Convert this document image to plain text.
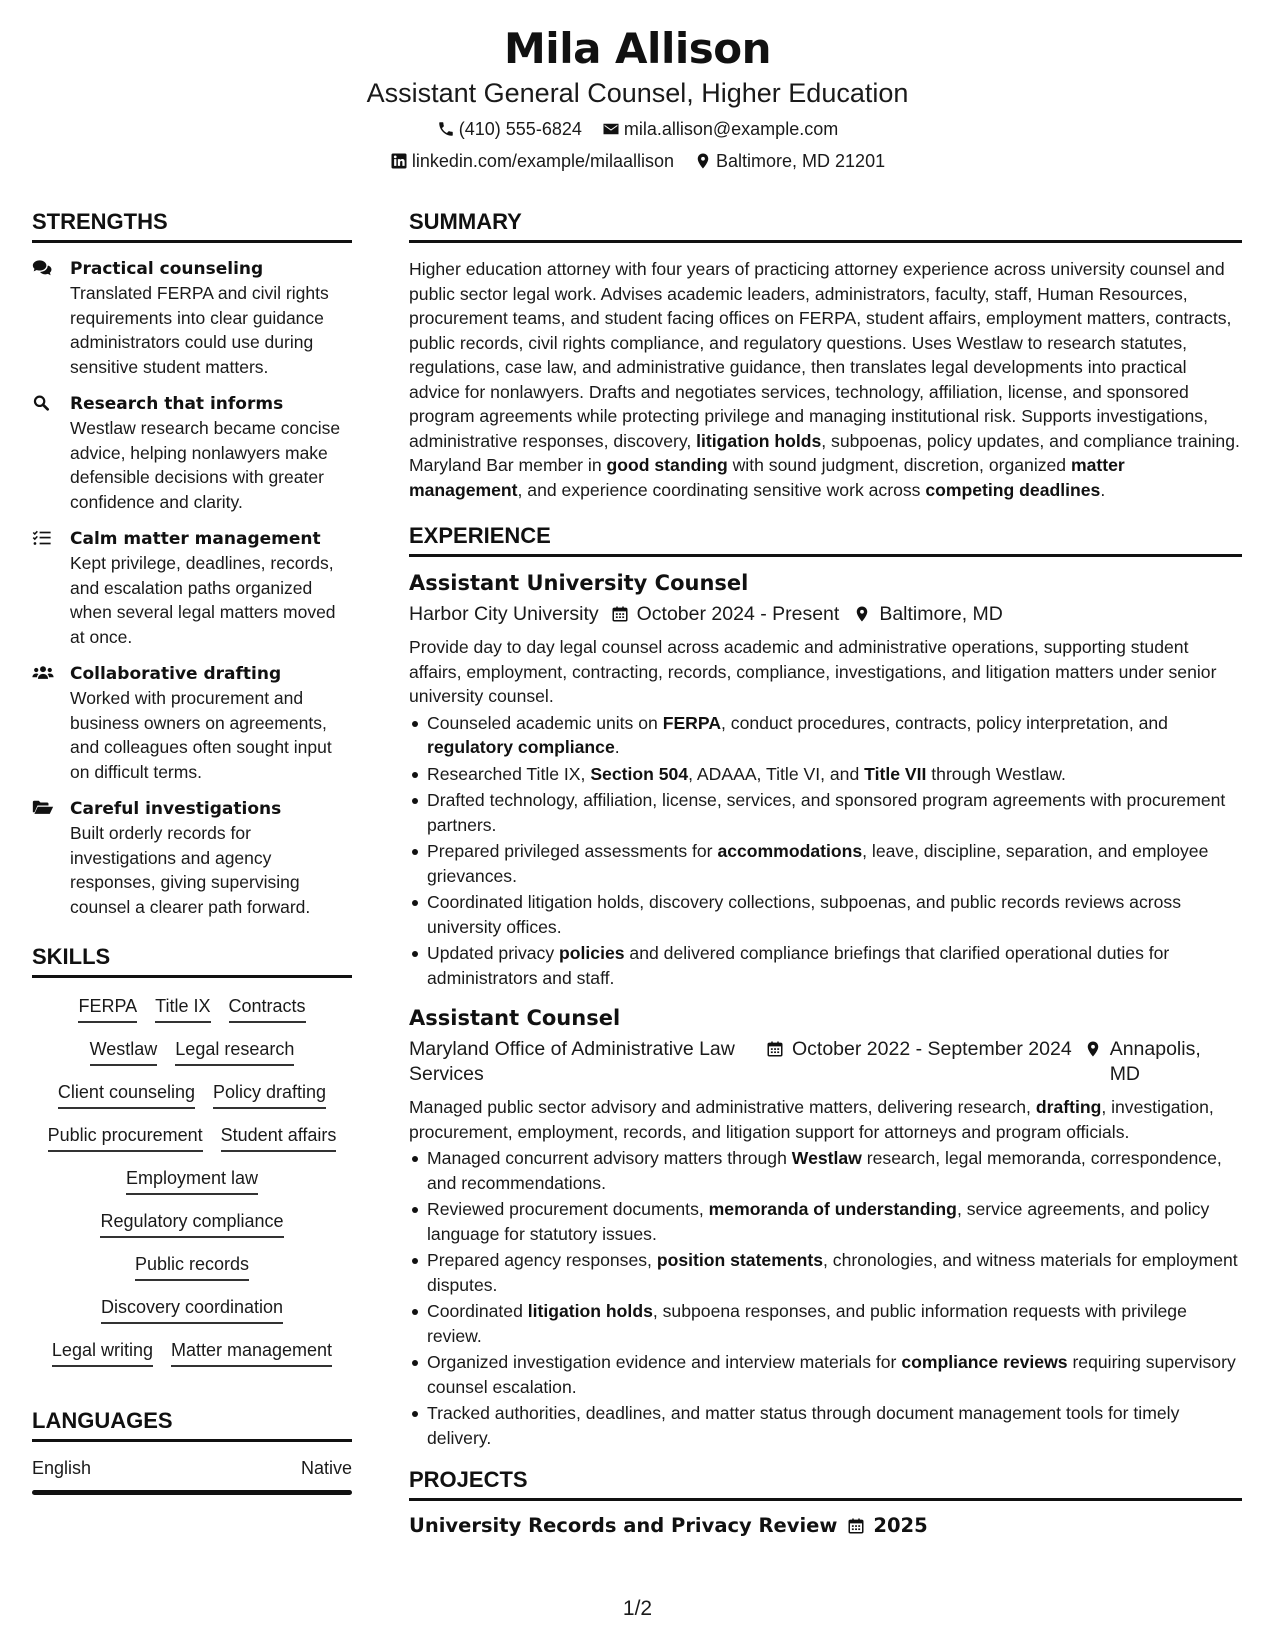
Mila Allison
Assistant General Counsel, Higher Education
(410) 555-6824 mila.allison@example.com
linkedin.com/example/milaallison Baltimore, MD 21201
STRENGTHS
Practical counseling
Translated FERPA and civil rights requirements into clear guidance administrators could use during sensitive student matters.
Research that informs
Westlaw research became concise advice, helping nonlawyers make defensible decisions with greater confidence and clarity.
Calm matter management
Kept privilege, deadlines, records, and escalation paths organized when several legal matters moved at once.
Collaborative drafting
Worked with procurement and business owners on agreements, and colleagues often sought input on difficult terms.
Careful investigations
Built orderly records for investigations and agency responses, giving supervising counsel a clearer path forward.
SKILLS
FERPA Title IX Contracts
Westlaw Legal research
Client counseling Policy drafting
Public procurement Student affairs
Employment law
Regulatory compliance
Public records
Discovery coordination
Legal writing Matter management
LANGUAGES
English	Native
SUMMARY

Higher education attorney with four years of practicing attorney experience across university counsel and public sector legal work. Advises academic leaders, administrators, faculty, staff, Human Resources, procurement teams, and student facing offices on FERPA, student affairs, employment matters, contracts, public records, civil rights compliance, and regulatory questions. Uses Westlaw to research statutes, regulations, case law, and administrative guidance, then translates legal developments into practical advice for nonlawyers. Drafts and negotiates services, technology, affiliation, license, and sponsored program agreements while protecting privilege and managing institutional risk. Supports investigations, administrative responses, discovery, litigation holds, subpoenas, policy updates, and compliance training. Maryland Bar member in good standing with sound judgment, discretion, organized matter management, and experience coordinating sensitive work across competing deadlines.

EXPERIENCE
Assistant University Counsel
Harbor City University October 2024 - Present Baltimore, MD

Provide day to day legal counsel across academic and administrative operations, supporting student affairs, employment, contracting, records, compliance, investigations, and litigation matters under senior university counsel.

Counseled academic units on FERPA, conduct procedures, contracts, policy interpretation, and regulatory compliance.
Researched Title IX, Section 504, ADAAA, Title VI, and Title VII through Westlaw.
Drafted technology, affiliation, license, services, and sponsored program agreements with procurement partners.
Prepared privileged assessments for accommodations, leave, discipline, separation, and employee grievances.
Coordinated litigation holds, discovery collections, subpoenas, and public records reviews across university offices.
Updated privacy policies and delivered compliance briefings that clarified operational duties for administrators and staff.
Assistant Counsel
Maryland Office of Administrative Law Services
October 2022 - September 2024 Annapolis, MD

Managed public sector advisory and administrative matters, delivering research, drafting, investigation, procurement, employment, records, and litigation support for attorneys and program officials.

Managed concurrent advisory matters through Westlaw research, legal memoranda, correspondence, and recommendations.
Reviewed procurement documents, memoranda of understanding, service agreements, and policy language for statutory issues.
Prepared agency responses, position statements, chronologies, and witness materials for employment disputes.
Coordinated litigation holds, subpoena responses, and public information requests with privilege review.
Organized investigation evidence and interview materials for compliance reviews requiring supervisory counsel escalation.
Tracked authorities, deadlines, and matter status through document management tools for timely delivery.
PROJECTS
University Records and Privacy Review 2025
1/2
